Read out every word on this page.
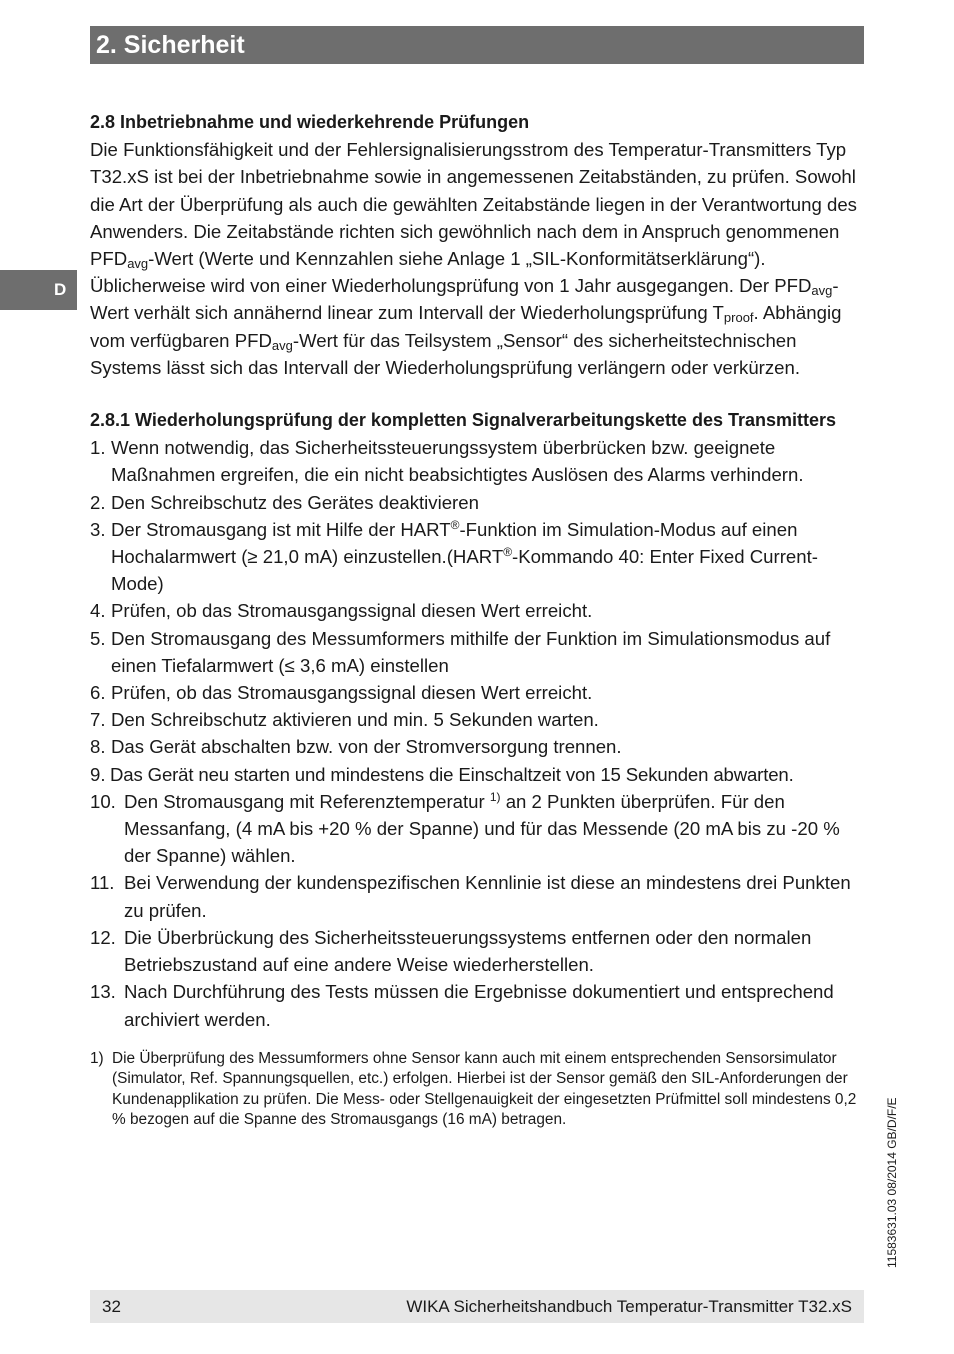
2. Sicherheit
D
2.8 Inbetriebnahme und wiederkehrende Prüfungen

Die Funktionsfähigkeit und der Fehlersignalisierungsstrom des Temperatur-Transmitters Typ T32.xS ist bei der Inbetriebnahme sowie in angemessenen Zeitabständen, zu prüfen. Sowohl die Art der Überprüfung als auch die gewählten Zeitabstände liegen in der Verantwortung des Anwenders. Die Zeitabstände richten sich gewöhnlich nach dem in Anspruch genommenen $PFD_{avg}$-Wert (Werte und Kennzahlen siehe Anlage 1 „SIL-Konformitätserklärung“). Üblicherweise wird von einer Wiederholungsprüfung von 1 Jahr ausgegangen. Der $PFD_{avg}$-Wert verhält sich annähernd linear zum Intervall der Wiederholungsprüfung $T_{proof}$. Abhängig vom verfügbaren $PFD_{avg}$-Wert für das Teilsystem „Sensor“ des sicherheitstechnischen Systems lässt sich das Intervall der Wiederholungsprüfung verlängern oder verkürzen.

2.8.1 Wiederholungsprüfung der kompletten Signalverarbeitungskette des Transmitters
1. Wenn notwendig, das Sicherheitssteuerungssystem überbrücken bzw. geeignete Maßnahmen ergreifen, die ein nicht beabsichtigtes Auslösen des Alarms verhindern.
2. Den Schreibschutz des Gerätes deaktivieren
3. Der Stromausgang ist mit Hilfe der HART®-Funktion im Simulation-Modus auf einen Hochalarmwert (≥ 21,0 mA) einzustellen.(HART®-Kommando 40: Enter Fixed Current-Mode)
4. Prüfen, ob das Stromausgangssignal diesen Wert erreicht.
5. Den Stromausgang des Messumformers mithilfe der Funktion im Simulationsmodus auf einen Tiefalarmwert (≤ 3,6 mA) einstellen
6. Prüfen, ob das Stromausgangssignal diesen Wert erreicht.
7. Den Schreibschutz aktivieren und min. 5 Sekunden warten.
8. Das Gerät abschalten bzw. von der Stromversorgung trennen.
9. Das Gerät neu starten und mindestens die Einschaltzeit von 15 Sekunden abwarten.
10. Den Stromausgang mit Referenztemperatur $^{1)}$ an 2 Punkten überprüfen. Für den Messanfang, (4 mA bis +20 % der Spanne) und für das Messende (20 mA bis zu -20 % der Spanne) wählen.
11. Bei Verwendung der kundenspezifischen Kennlinie ist diese an mindestens drei Punkten zu prüfen.
12. Die Überbrückung des Sicherheitssteuerungssystems entfernen oder den normalen Betriebszustand auf eine andere Weise wiederherstellen.
13. Nach Durchführung des Tests müssen die Ergebnisse dokumentiert und entsprechend archiviert werden.
1) Die Überprüfung des Messumformers ohne Sensor kann auch mit einem entsprechenden Sensorsimulator (Simulator, Ref. Spannungsquellen, etc.) erfolgen. Hierbei ist der Sensor gemäß den SIL-Anforderungen der Kundenapplikation zu prüfen. Die Mess- oder Stellgenauigkeit der eingesetzten Prüfmittel soll mindestens 0,2 % bezogen auf die Spanne des Stromausgangs (16 mA) betragen.	11583631.03 08/2014 GB/D/F/E
32	WIKA Sicherheitshandbuch Temperatur-Transmitter T32.xS
